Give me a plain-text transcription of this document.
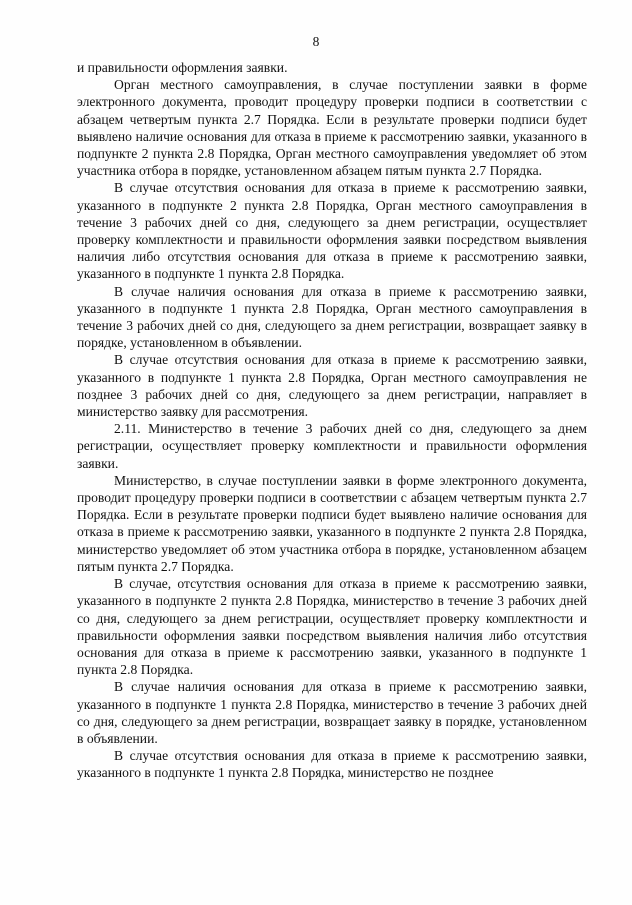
8

и правильности оформления заявки.

Орган местного самоуправления, в случае поступлении заявки в форме электронного документа, проводит процедуру проверки подписи в соответствии с абзацем четвертым пункта 2.7 Порядка. Если в результате проверки подписи будет выявлено наличие основания для отказа в приеме к рассмотрению заявки, указанного в подпункте 2 пункта 2.8 Порядка, Орган местного самоуправления уведомляет об этом участника отбора в порядке, установленном абзацем пятым пункта 2.7 Порядка.

В случае отсутствия основания для отказа в приеме к рассмотрению заявки, указанного в подпункте 2 пункта 2.8 Порядка, Орган местного самоуправления в течение 3 рабочих дней со дня, следующего за днем регистрации, осуществляет проверку комплектности и правильности оформления заявки посредством выявления наличия либо отсутствия основания для отказа в приеме к рассмотрению заявки, указанного в подпункте 1 пункта 2.8 Порядка.

В случае наличия основания для отказа в приеме к рассмотрению заявки, указанного в подпункте 1 пункта 2.8 Порядка, Орган местного самоуправления в течение 3 рабочих дней со дня, следующего за днем регистрации, возвращает заявку в порядке, установленном в объявлении.

В случае отсутствия основания для отказа в приеме к рассмотрению заявки, указанного в подпункте 1 пункта 2.8 Порядка, Орган местного самоуправления не позднее 3 рабочих дней со дня, следующего за днем регистрации, направляет в министерство заявку для рассмотрения.

2.11. Министерство в течение 3 рабочих дней со дня, следующего за днем регистрации, осуществляет проверку комплектности и правильности оформления заявки.

Министерство, в случае поступлении заявки в форме электронного документа, проводит процедуру проверки подписи в соответствии с абзацем четвертым пункта 2.7 Порядка. Если в результате проверки подписи будет выявлено наличие основания для отказа в приеме к рассмотрению заявки, указанного в подпункте 2 пункта 2.8 Порядка, министерство уведомляет об этом участника отбора в порядке, установленном абзацем пятым пункта 2.7 Порядка.

В случае, отсутствия основания для отказа в приеме к рассмотрению заявки, указанного в подпункте 2 пункта 2.8 Порядка, министерство в течение 3 рабочих дней со дня, следующего за днем регистрации, осуществляет проверку комплектности и правильности оформления заявки посредством выявления наличия либо отсутствия основания для отказа в приеме к рассмотрению заявки, указанного в подпункте 1 пункта 2.8 Порядка.

В случае наличия основания для отказа в приеме к рассмотрению заявки, указанного в подпункте 1 пункта 2.8 Порядка, министерство в течение 3 рабочих дней со дня, следующего за днем регистрации, возвращает заявку в порядке, установленном в объявлении.

В случае отсутствия основания для отказа в приеме к рассмотрению заявки, указанного в подпункте 1 пункта 2.8 Порядка, министерство не позднее
